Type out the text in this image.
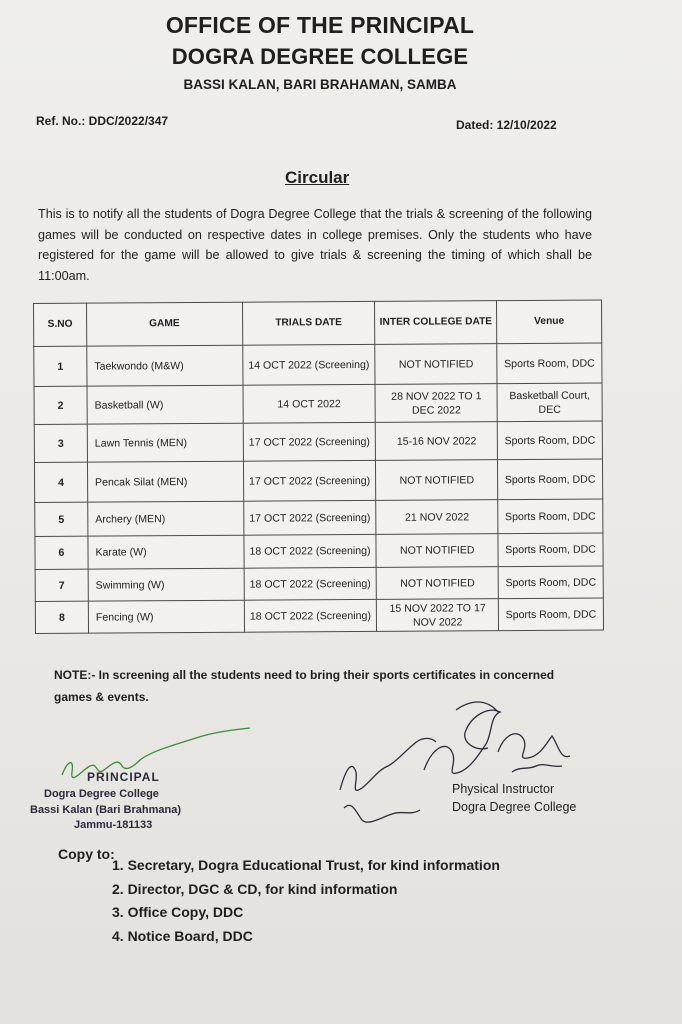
OFFICE OF THE PRINCIPAL
DOGRA DEGREE COLLEGE
BASSI KALAN, BARI BRAHAMAN, SAMBA
Ref. No.: DDC/2022/347	Dated: 12/10/2022
Circular
This is to notify all the students of Dogra Degree College that the trials & screening of the following games will be conducted on respective dates in college premises. Only the students who have registered for the game will be allowed to give trials & screening the timing of which shall be 11:00am.
S.NO	GAME	TRIALS DATE	INTER COLLEGE DATE	Venue
1	Taekwondo (M&W)	14 OCT 2022 (Screening)	NOT NOTIFIED	Sports Room, DDC
2	Basketball (W)	14 OCT 2022	28 NOV 2022 TO 1 DEC 2022	Basketball Court, DEC
3	Lawn Tennis (MEN)	17 OCT 2022 (Screening)	15-16 NOV 2022	Sports Room, DDC
4	Pencak Silat (MEN)	17 OCT 2022 (Screening)	NOT NOTIFIED	Sports Room, DDC
5	Archery (MEN)	17 OCT 2022 (Screening)	21 NOV 2022	Sports Room, DDC
6	Karate (W)	18 OCT 2022 (Screening)	NOT NOTIFIED	Sports Room, DDC
7	Swimming (W)	18 OCT 2022 (Screening)	NOT NOTIFIED	Sports Room, DDC
8	Fencing (W)	18 OCT 2022 (Screening)	15 NOV 2022 TO 17 NOV 2022	Sports Room, DDC
NOTE:- In screening all the students need to bring their sports certificates in concerned games & events.
PRINCIPAL
Dogra Degree College
Bassi Kalan (Bari Brahmana)
Jammu-181133
Physical Instructor
Dogra Degree College
Copy to:
1. Secretary, Dogra Educational Trust, for kind information
2. Director, DGC & CD, for kind information
3. Office Copy, DDC
4. Notice Board, DDC
